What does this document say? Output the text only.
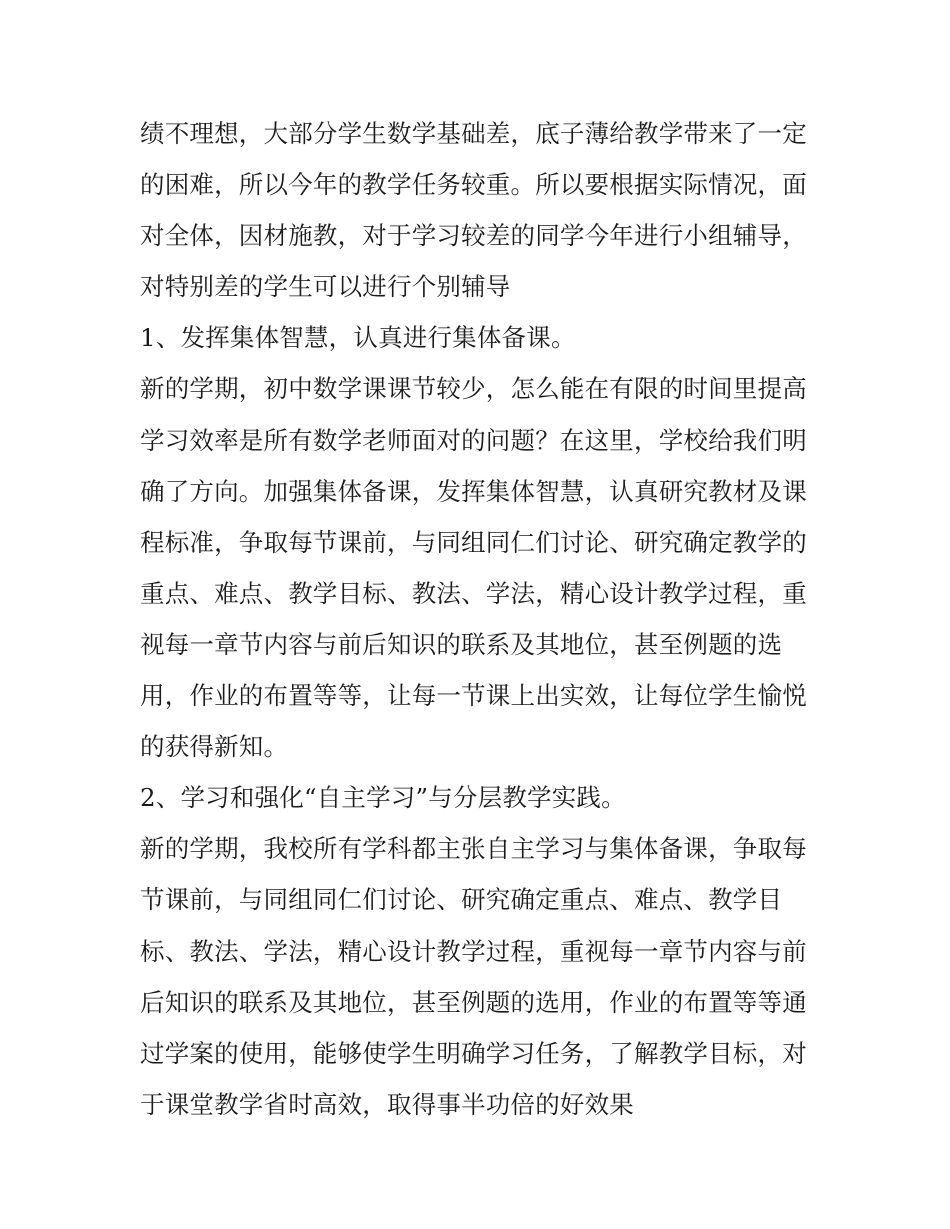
绩不理想，大部分学生数学基础差，底子薄给教学带来了一定
的困难，所以今年的教学任务较重。所以要根据实际情况，面
对全体，因材施教，对于学习较差的同学今年进行小组辅导，
对特别差的学生可以进行个别辅导
1、发挥集体智慧，认真进行集体备课。
新的学期，初中数学课课节较少，怎么能在有限的时间里提高
学习效率是所有数学老师面对的问题？在这里，学校给我们明
确了方向。加强集体备课，发挥集体智慧，认真研究教材及课
程标准，争取每节课前，与同组同仁们讨论、研究确定教学的
重点、难点、教学目标、教法、学法，精心设计教学过程，重
视每一章节内容与前后知识的联系及其地位，甚至例题的选
用，作业的布置等等，让每一节课上出实效，让每位学生愉悦
的获得新知。
2、学习和强化“自主学习”与分层教学实践。
新的学期，我校所有学科都主张自主学习与集体备课，争取每
节课前，与同组同仁们讨论、研究确定重点、难点、教学目
标、教法、学法，精心设计教学过程，重视每一章节内容与前
后知识的联系及其地位，甚至例题的选用，作业的布置等等通
过学案的使用，能够使学生明确学习任务，了解教学目标，对
于课堂教学省时高效，取得事半功倍的好效果
